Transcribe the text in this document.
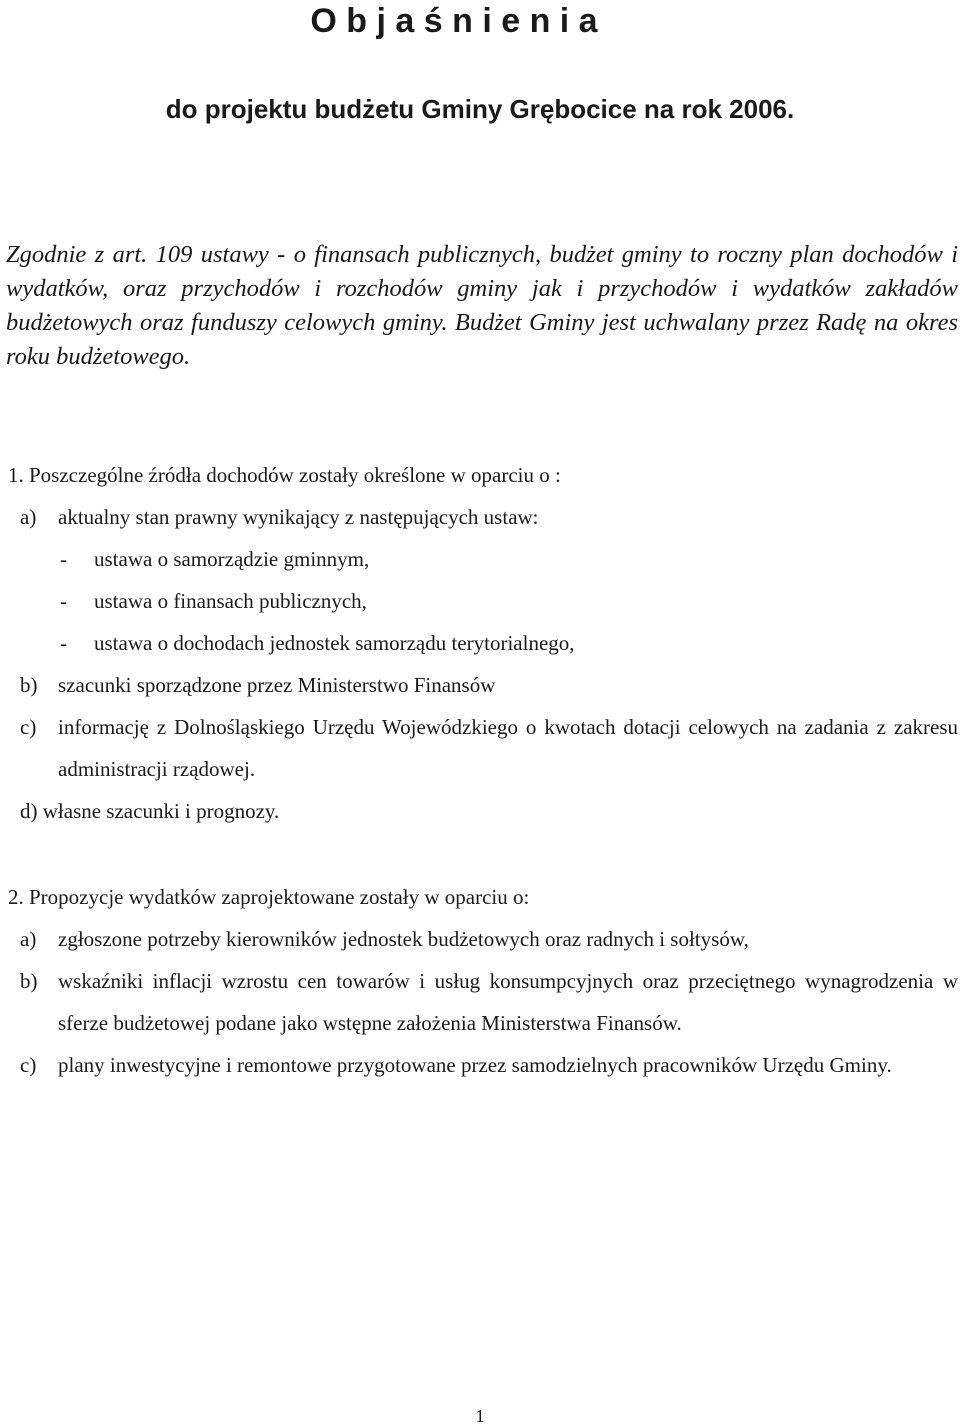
O b j a ś n i e n i a
do projektu budżetu Gminy Grębocice na rok 2006.

Zgodnie z art. 109 ustawy - o finansach publicznych, budżet gminy to roczny plan dochodów i wydatków, oraz przychodów i rozchodów gminy jak i przychodów i wydatków zakładów budżetowych oraz funduszy celowych gminy. Budżet Gminy jest uchwalany przez Radę na okres roku budżetowego.

1. Poszczególne źródła dochodów zostały określone w oparciu o :

a)	aktualny stan prawny wynikający z następujących ustaw:
-	ustawa o samorządzie gminnym,
-	ustawa o finansach publicznych,
-	ustawa o dochodach jednostek samorządu terytorialnego,
b) szacunki sporządzone przez Ministerstwo Finansów
c)	informację z Dolnośląskiego Urzędu Wojewódzkiego o kwotach dotacji celowych na zadania z zakresu administracji rządowej.

d) własne szacunki i prognozy.

2. Propozycje wydatków zaprojektowane zostały w oparciu o:

a)	zgłoszone potrzeby kierowników jednostek budżetowych oraz radnych i sołtysów,
b) wskaźniki inflacji wzrostu cen towarów i usług konsumpcyjnych oraz przeciętnego wynagrodzenia w sferze budżetowej podane jako wstępne założenia Ministerstwa Finansów.
c)	plany inwestycyjne i remontowe przygotowane przez samodzielnych pracowników Urzędu Gminy.

1
